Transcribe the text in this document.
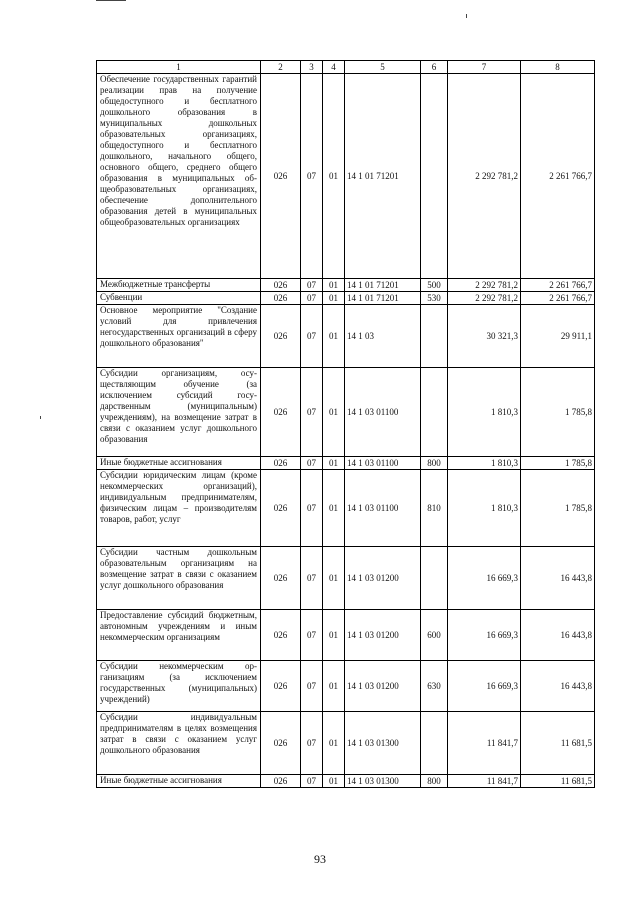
1	2	3	4	5	6	7	8
Обеспечение государственных гарантий реализации прав на получение общедоступного и бесплатного дошкольного образования в муниципальных дошкольных образовательных организациях, общедоступного и бесплатного дошкольного, начального общего, основного общего, среднего общего образования в муниципальных общеобразовательных организациях, обеспечение дополнительного образования детей в муниципальных общеобразовательных организациях	026	07	01	14 1 01 71201		2 292 781,2	2 261 766,7
Межбюджетные трансферты	026	07	01	14 1 01 71201	500	2 292 781,2	2 261 766,7
Субвенции	026	07	01	14 1 01 71201	530	2 292 781,2	2 261 766,7
Основное мероприятие "Создание условий для привлечения негосударственных организаций в сферу дошкольного образования"	026	07	01	14 1 03		30 321,3	29 911,1
Субсидии организациям, осуществляющим обучение (за исключением субсидий государственным (муниципальным) учреждениям), на возмещение затрат в связи с оказанием услуг дошкольного образования	026	07	01	14 1 03 01100		1 810,3	1 785,8
Иные бюджетные ассигнования	026	07	01	14 1 03 01100	800	1 810,3	1 785,8
Субсидии юридическим лицам (кроме некоммерческих организаций), индивидуальным предпринимателям, физическим лицам – производителям товаров, работ, услуг	026	07	01	14 1 03 01100	810	1 810,3	1 785,8
Субсидии частным дошкольным образовательным организациям на возмещение затрат в связи с оказанием услуг дошкольного образования	026	07	01	14 1 03 01200		16 669,3	16 443,8
Предоставление субсидий бюджетным, автономным учреждениям и иным некоммерческим организациям	026	07	01	14 1 03 01200	600	16 669,3	16 443,8
Субсидии некоммерческим организациям (за исключением государственных (муниципальных) учреждений)	026	07	01	14 1 03 01200	630	16 669,3	16 443,8
Субсидии индивидуальным предпринимателям в целях возмещения затрат в связи с оказанием услуг дошкольного образования	026	07	01	14 1 03 01300		11 841,7	11 681,5
Иные бюджетные ассигнования	026	07	01	14 1 03 01300	800	11 841,7	11 681,5
93
